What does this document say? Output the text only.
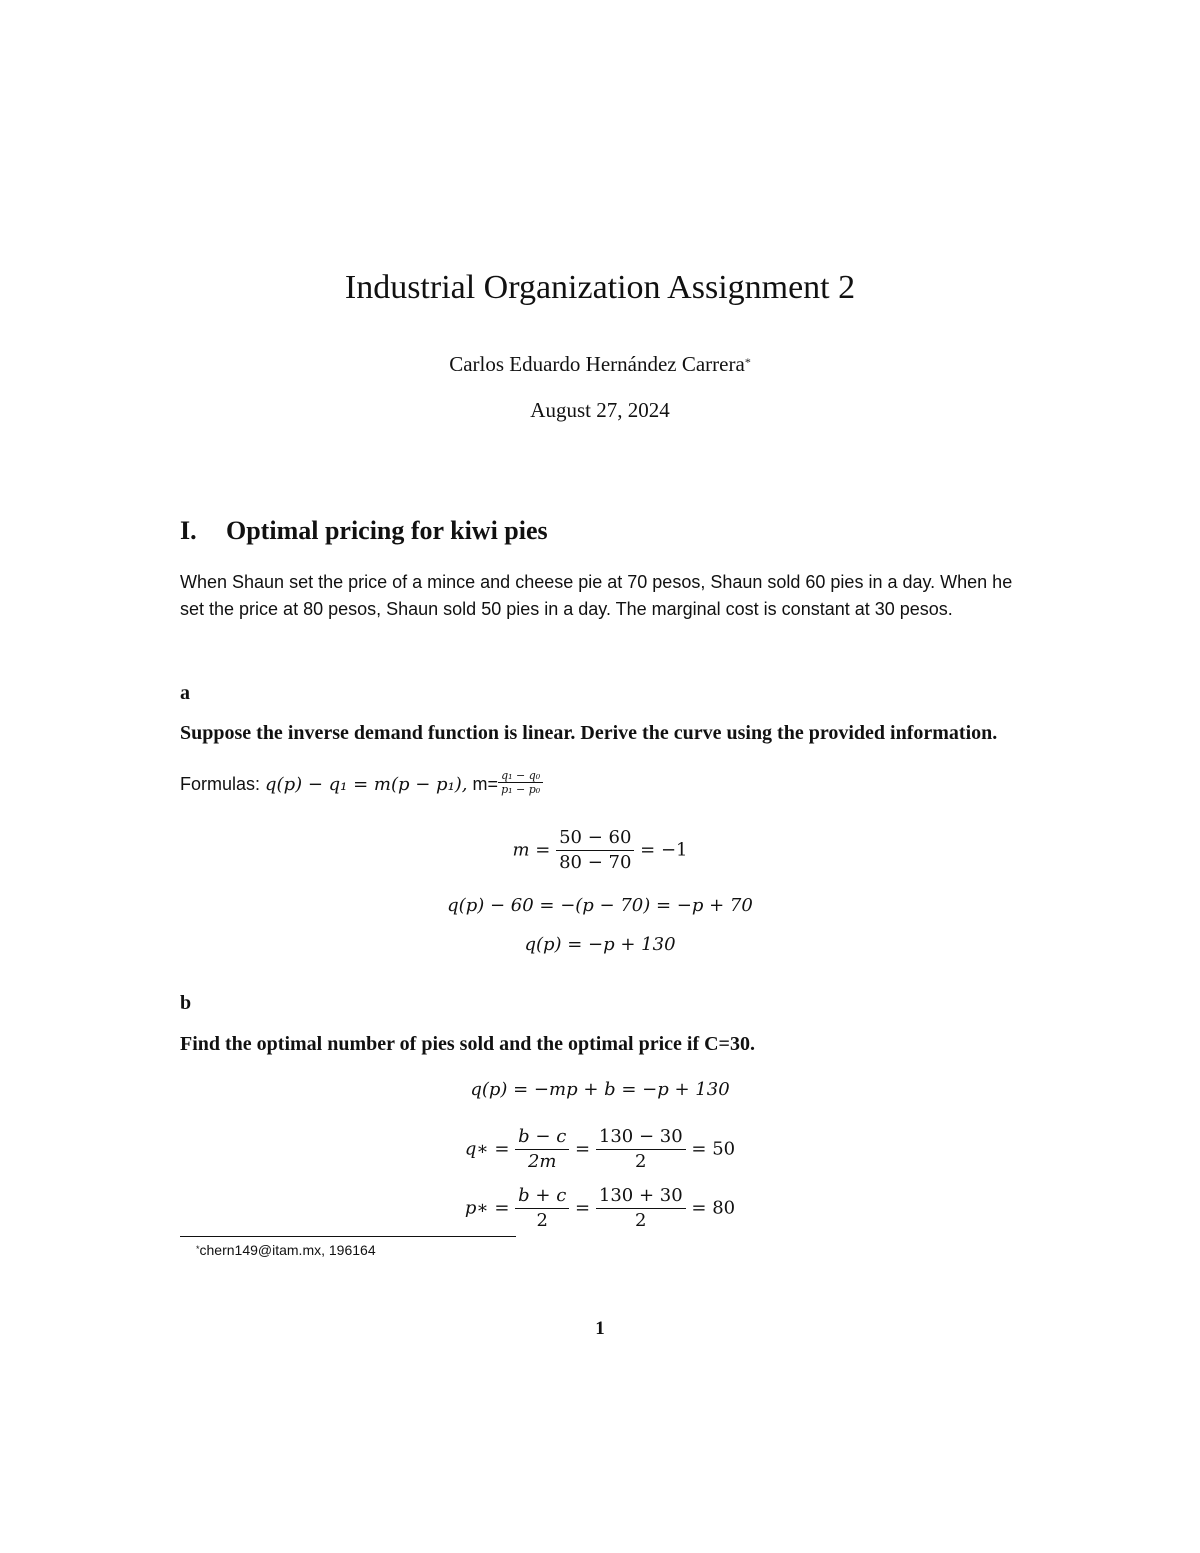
Industrial Organization Assignment 2
Carlos Eduardo Hernández Carrera*
August 27, 2024
I. Optimal pricing for kiwi pies
When Shaun set the price of a mince and cheese pie at 70 pesos, Shaun sold 60 pies in a day. When he set the price at 80 pesos, Shaun sold 50 pies in a day. The marginal cost is constant at 30 pesos.
a
Suppose the inverse demand function is linear. Derive the curve using the provided information.
Formulas: q(p) − q₁ = m(p − p₁), $m= \frac{\text{q₁ − q₀}}{\text{p₁ − p₀}}$
$m = \frac{50 - 60}{80 - 70} = -1$
q(p) − 60 = −(p − 70) = −p + 70
q(p) = −p + 130
b
Find the optimal number of pies sold and the optimal price if C=30.
q(p) = −mp + b = −p + 130
q∗ = $\frac{b - c}{2m} = \frac{130 - 30}{2} = 50$
p∗ = $\frac{b + c}{2} = \frac{130 + 30}{2} = 80$
*chern149@itam.mx, 196164
1
